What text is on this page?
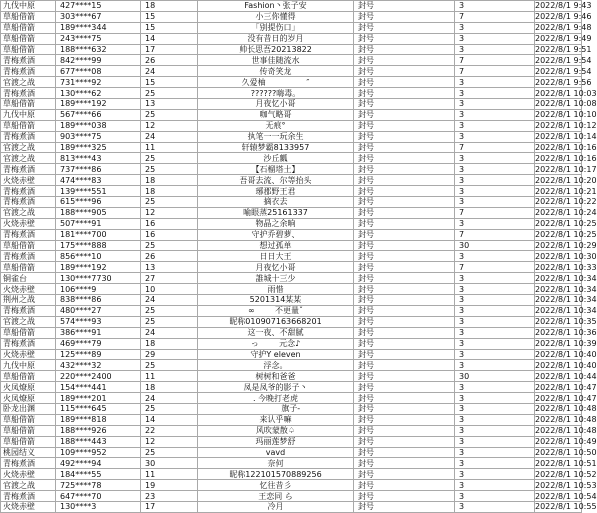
九伐中原	427****15	18	Fashion丶张子安	封号	3	2022/8/1 9:43
草船借箭	303****67	15	小三你懂得	封号	7	2022/8/1 9:46
草船借箭	189****344	15	「别提伤口」	封号	3	2022/8/1 9:48
草船借箭	243****75	14	没有昔日的岁月	封号	3	2022/8/1 9:49
草船借箭	188****632	17	帅长思吾20213822	封号	3	2022/8/1 9:51
青梅煮酒	842****99	26	世事佳随流水	封号	7	2022/8/1 9:54
青梅煮酒	677****08	24	传奇笑龙	封号	7	2022/8/1 9:54
官渡之战	731****92	15	久爱柚                ″	封号	3	2022/8/1 9:56
青梅煮酒	130****62	25	??????嗨毒。	封号	3	2022/8/1 10:03
草船借箭	189****192	13	月夜忆小哥	封号	3	2022/8/1 10:08
九伐中原	567****66	25	咖气略哥	封号	3	2022/8/1 10:10
草船借箭	189****038	12	无痕°	封号	3	2022/8/1 10:12
青梅煮酒	903****75	24	执笔一一玩余生	封号	3	2022/8/1 10:14
官渡之战	189****325	11	轩辕梦霸8133957	封号	7	2022/8/1 10:16
官渡之战	813****43	25	沙丘瓤	封号	3	2022/8/1 10:16
青梅煮酒	737****86	25	【石榴塔土】	封号	3	2022/8/1 10:17
火烧赤壁	474****83	18	吾哥去流、尔等抬头	封号	3	2022/8/1 10:20
青梅煮酒	139****551	18	琊郡野王君	封号	3	2022/8/1 10:21
青梅煮酒	615****96	25	摘衣去	封号	3	2022/8/1 10:22
官渡之战	188****905	12	喻眼蒸25161337	封号	7	2022/8/1 10:24
火烧赤壁	507****91	16	物晶之余晌	封号	3	2022/8/1 10:25
青梅煮酒	181****700	16	守护乔碧萝、	封号	7	2022/8/1 10:25
草船借箭	175****888	25	想过孤单	封号	30	2022/8/1 10:29
青梅煮酒	856****10	26	日日大王	封号	3	2022/8/1 10:30
草船借箭	189****192	13	月夜忆小哥	封号	7	2022/8/1 10:33
铜雀台	130****7730	27	誰城十三少	封号	3	2022/8/1 10:34
火烧赤壁	106****9	10	雨惜	封号	3	2022/8/1 10:34
荆州之战	838****86	24	5201314某某	封号	3	2022/8/1 10:34
青梅煮酒	480****27	25	∞        不更量ˇ	封号	3	2022/8/1 10:34
官渡之战	574****93	25	昵称010907163668201	封号	3	2022/8/1 10:35
草船借箭	386****91	24	这一夜、不甜腻	封号	3	2022/8/1 10:36
青梅煮酒	469****79	18	っ        元念♪	封号	3	2022/8/1 10:39
火烧赤壁	125****89	29	守护Y eleven	封号	3	2022/8/1 10:40
九伐中原	432****32	25	浮念。	封号	3	2022/8/1 10:40
草船借箭	220****2400	11	树树和爸爸	封号	30	2022/8/1 10:44
火凤燎原	154****441	18	凤是凤爷的影子丶	封号	3	2022/8/1 10:47
火凤燎原	189****201	24	. 今晚打老虎	封号	3	2022/8/1 10:47
卧龙出渊	115****645	25	旗子-	封号	3	2022/8/1 10:48
草船借箭	189****818	14	来认乎嘛	封号	3	2022/8/1 10:48
草船借箭	188****926	22	风吹蒙散♤	封号	3	2022/8/1 10:48
草船借箭	188****443	12	玛丽莲梦舒	封号	3	2022/8/1 10:49
桃园结义	109****952	25	vavd	封号	3	2022/8/1 10:50
青梅煮酒	492****94	30	奈何	封号	3	2022/8/1 10:51
火烧赤壁	184****55	11	昵称122101570889256	封号	3	2022/8/1 10:52
官渡之战	725****78	19	忆往昔彡	封号	3	2022/8/1 10:53
青梅煮酒	647****70	23	王恋同 ら	封号	3	2022/8/1 10:54
火烧赤壁	130****3	17	冷月	封号	3	2022/8/1 10:55
